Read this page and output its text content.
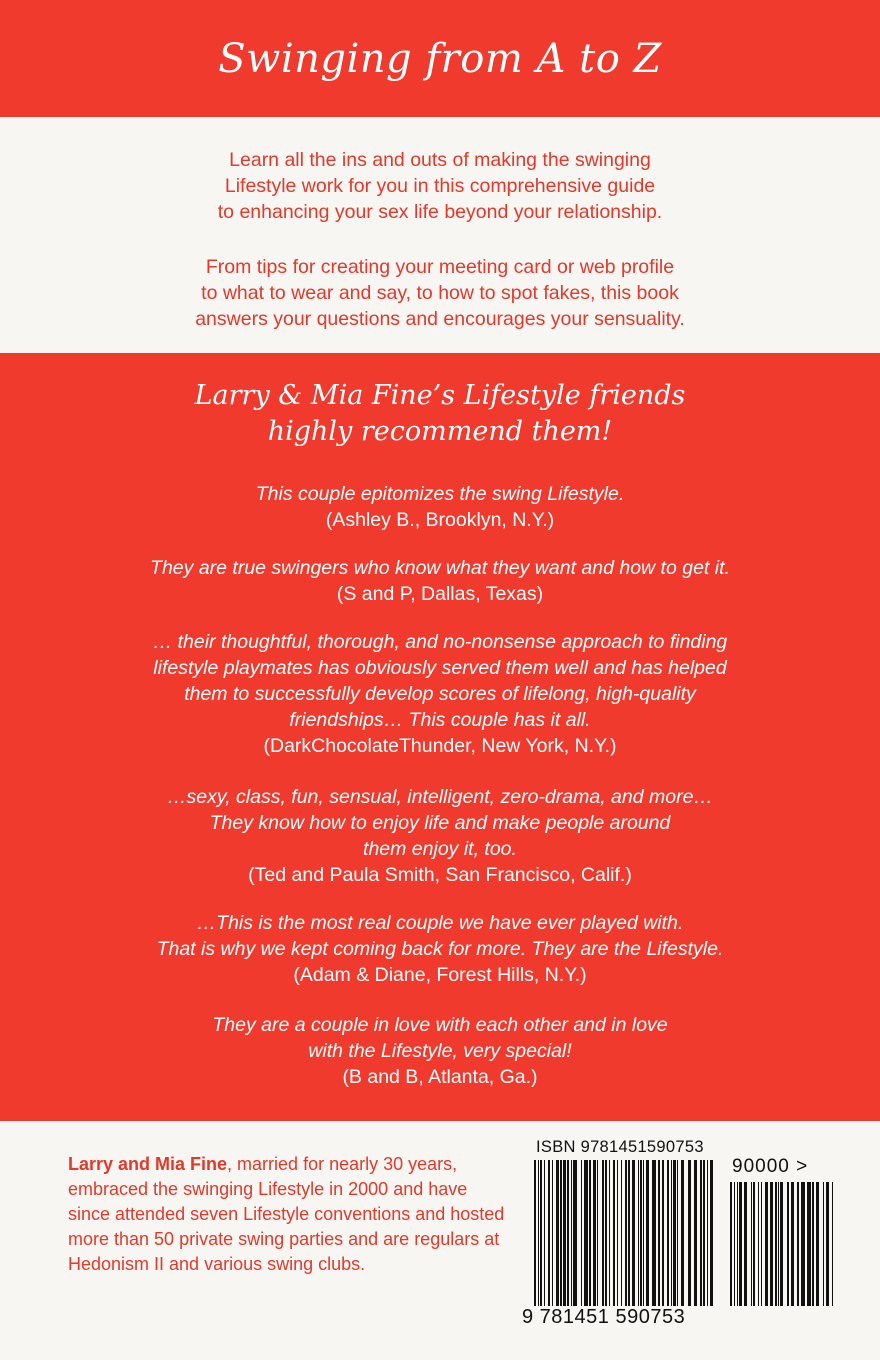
Swinging from A to Z
Learn all the ins and outs of making the swinging
Lifestyle work for you in this comprehensive guide
to enhancing your sex life beyond your relationship.
From tips for creating your meeting card or web profile
to what to wear and say, to how to spot fakes, this book
answers your questions and encourages your sensuality.
Larry & Mia Fine’s Lifestyle friends
highly recommend them!
This couple epitomizes the swing Lifestyle.
(Ashley B., Brooklyn, N.Y.)
They are true swingers who know what they want and how to get it.
(S and P, Dallas, Texas)
… their thoughtful, thorough, and no-nonsense approach to finding
lifestyle playmates has obviously served them well and has helped
them to successfully develop scores of lifelong, high-quality
friendships… This couple has it all.
(DarkChocolateThunder, New York, N.Y.)
…sexy, class, fun, sensual, intelligent, zero-drama, and more…
They know how to enjoy life and make people around
them enjoy it, too.
(Ted and Paula Smith, San Francisco, Calif.)
…This is the most real couple we have ever played with.
That is why we kept coming back for more. They are the Lifestyle.
(Adam & Diane, Forest Hills, N.Y.)
They are a couple in love with each other and in love
with the Lifestyle, very special!
(B and B, Atlanta, Ga.)
Larry and Mia Fine, married for nearly 30 years, embraced the swinging Lifestyle in 2000 and have since attended seven Lifestyle conventions and hosted more than 50 private swing parties and are regulars at Hedonism II and various swing clubs.
ISBN 9781451590753
90000 >
9 781451 590753
